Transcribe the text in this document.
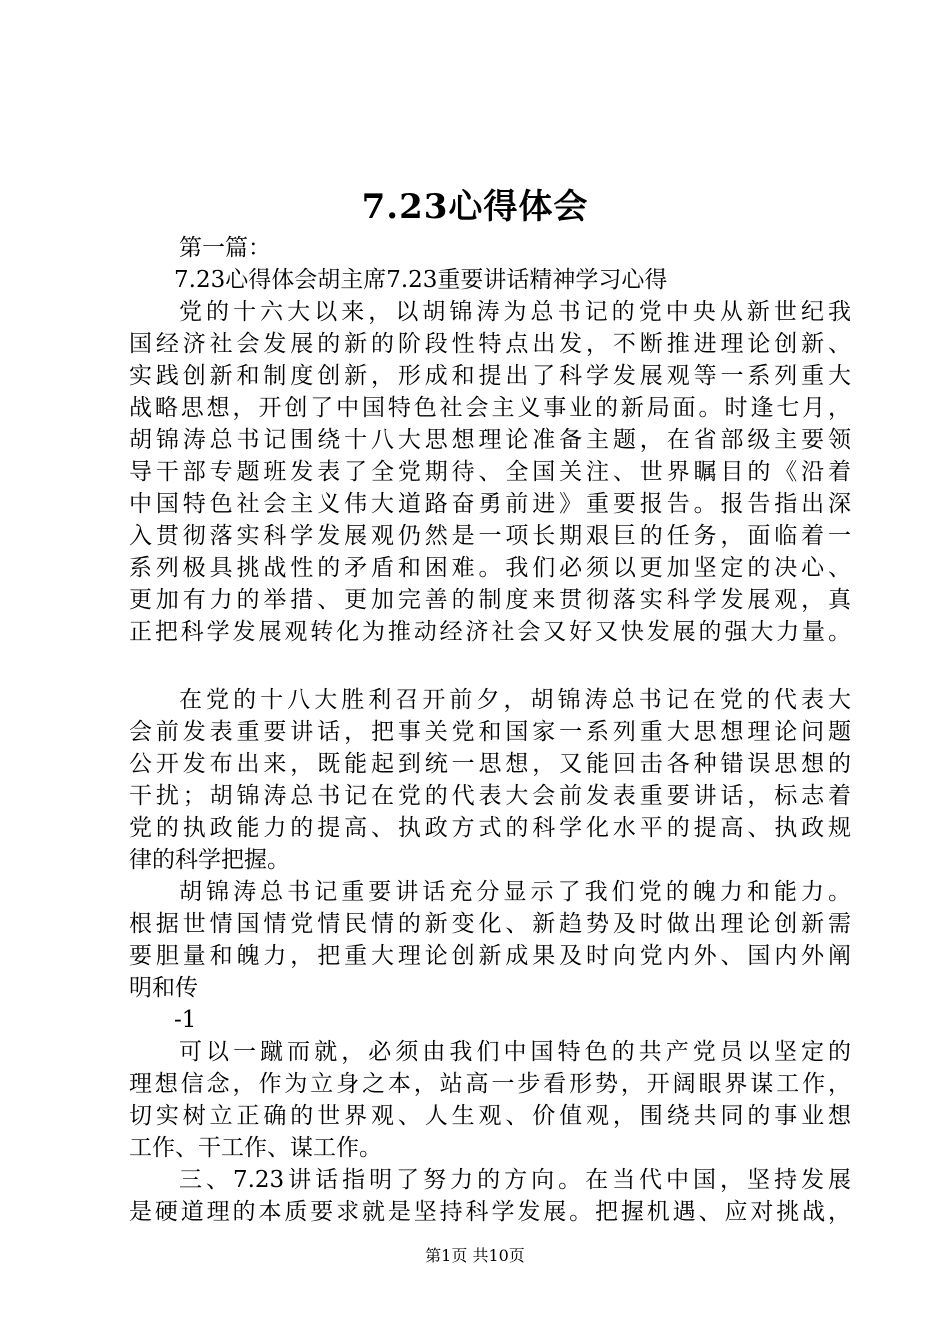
7.23心得体会
第一篇：
7.23心得体会胡主席7.23重要讲话精神学习心得
党的十六大以来，以胡锦涛为总书记的党中央从新世纪我
国经济社会发展的新的阶段性特点出发，不断推进理论创新、
实践创新和制度创新，形成和提出了科学发展观等一系列重大
战略思想，开创了中国特色社会主义事业的新局面。时逢七月，
胡锦涛总书记围绕十八大思想理论准备主题，在省部级主要领
导干部专题班发表了全党期待、全国关注、世界瞩目的《沿着
中国特色社会主义伟大道路奋勇前进》重要报告。报告指出深
入贯彻落实科学发展观仍然是一项长期艰巨的任务，面临着一
系列极具挑战性的矛盾和困难。我们必须以更加坚定的决心、
更加有力的举措、更加完善的制度来贯彻落实科学发展观，真
正把科学发展观转化为推动经济社会又好又快发展的强大力量。
在党的十八大胜利召开前夕，胡锦涛总书记在党的代表大
会前发表重要讲话，把事关党和国家一系列重大思想理论问题
公开发布出来，既能起到统一思想，又能回击各种错误思想的
干扰；胡锦涛总书记在党的代表大会前发表重要讲话，标志着
党的执政能力的提高、执政方式的科学化水平的提高、执政规
律的科学把握。
胡锦涛总书记重要讲话充分显示了我们党的魄力和能力。
根据世情国情党情民情的新变化、新趋势及时做出理论创新需
要胆量和魄力，把重大理论创新成果及时向党内外、国内外阐
明和传
-1
可以一蹴而就，必须由我们中国特色的共产党员以坚定的
理想信念，作为立身之本，站高一步看形势，开阔眼界谋工作，
切实树立正确的世界观、人生观、价值观，围绕共同的事业想
工作、干工作、谋工作。
三、7.23讲话指明了努力的方向。在当代中国，坚持发展
是硬道理的本质要求就是坚持科学发展。把握机遇、应对挑战，
第1页 共10页
